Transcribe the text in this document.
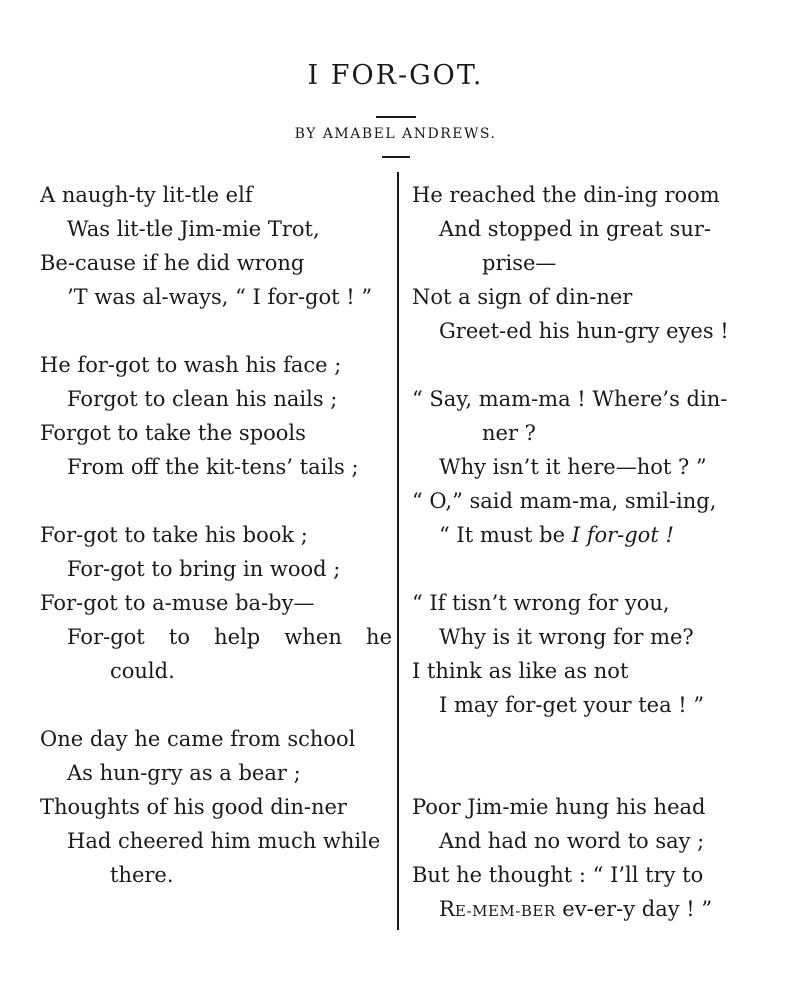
I FOR-GOT.
BY AMABEL ANDREWS.
A naugh-ty lit-tle elf
Was lit-tle Jim-mie Trot,
Be-cause if he did wrong
’T was al-ways, “ I for-got ! ”
He for-got to wash his face ;
Forgot to clean his nails ;
Forgot to take the spools
From off the kit-tens’ tails ;
For-got to take his book ;
For-got to bring in wood ;
For-got to a-muse ba-by—
For-got to help when he
could.
One day he came from school
As hun-gry as a bear ;
Thoughts of his good din-ner
Had cheered him much while
there.
He reached the din-ing room
And stopped in great sur-
prise—
Not a sign of din-ner
Greet-ed his hun-gry eyes !
“ Say, mam-ma ! Where’s din-
ner ?
Why isn’t it here—hot ? ”
“ O,” said mam-ma, smil-ing,
“ It must be I for-got !
“ If tisn’t wrong for you,
Why is it wrong for me?
I think as like as not
I may for-get your tea ! ”
Poor Jim-mie hung his head
And had no word to say ;
But he thought : “ I’ll try to
RE-MEM-BER ev-er-y day ! ”
